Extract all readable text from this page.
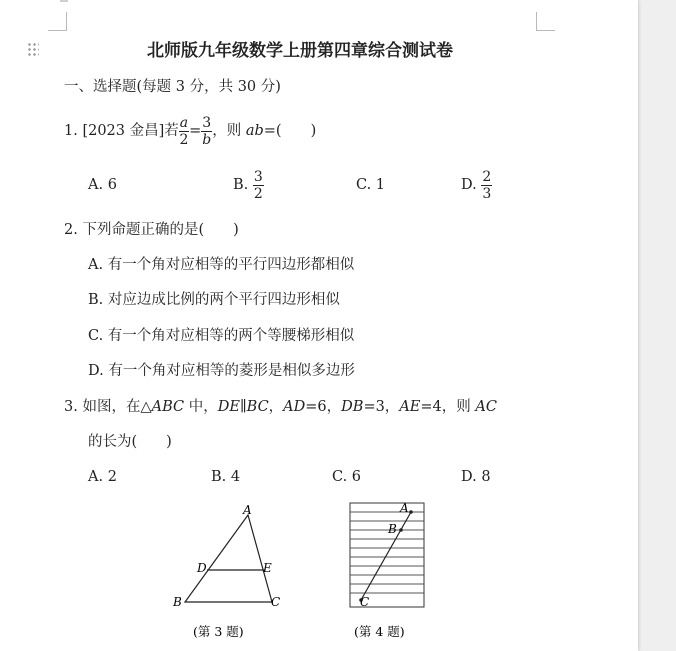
北师版九年级数学上册第四章综合测试卷
一、选择题(每题 3 分，共 30 分)
1. [2023 金昌]若 $\frac{a}{2} = \frac{3}{b}$ ，则 ab=(　　)
A. 6	B. $\frac{3}{2}$	C. 1	D. $\frac{2}{3}$
2. 下列命题正确的是(　　)
A. 有一个角对应相等的平行四边形都相似
B. 对应边成比例的两个平行四边形相似
C. 有一个角对应相等的两个等腰梯形相似
D. 有一个角对应相等的菱形是相似多边形
3. 如图，在△ABC 中，DE∥BC，AD=6，DB=3，AE=4，则 AC
的长为(　　)
A. 2	B. 4	C. 6	D. 8
A
B	C
D	E
(第 3 题)
A
B
C
(第 4 题)
